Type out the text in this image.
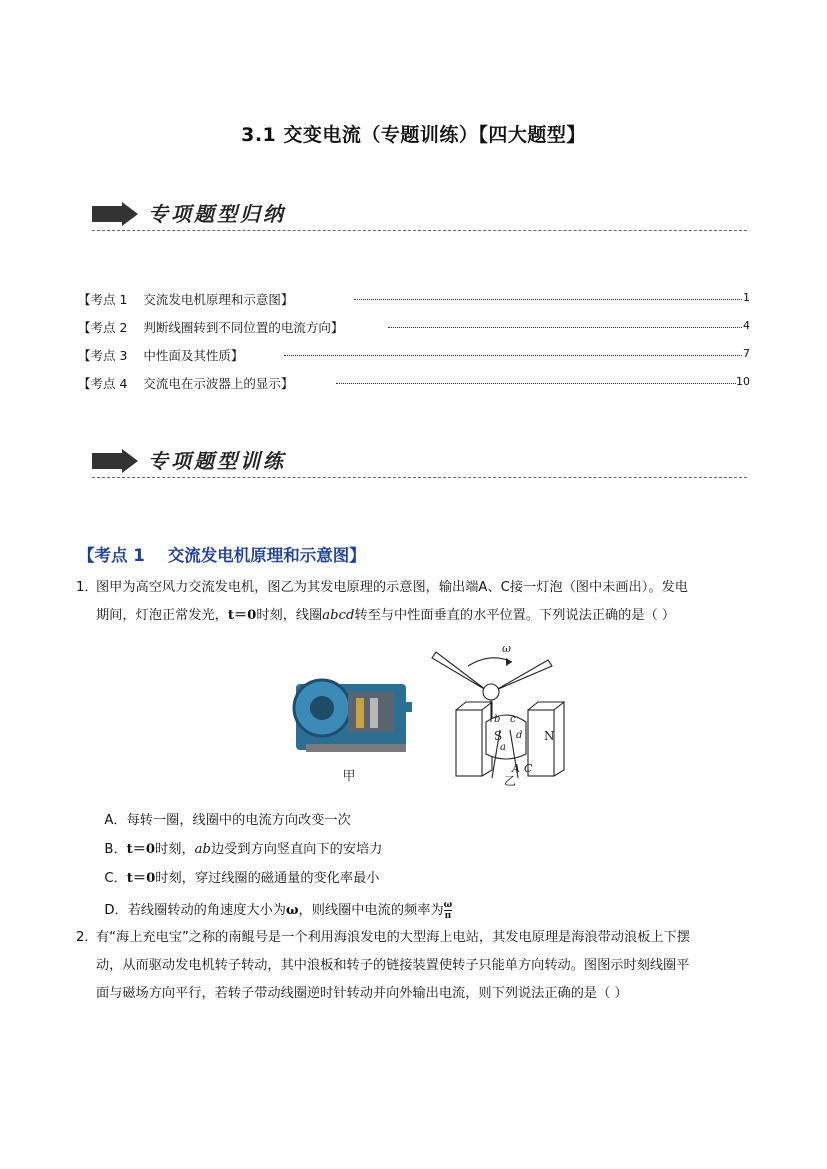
3.1 交变电流（专题训练）【四大题型】
专项题型归纳
【考点 1    交流发电机原理和示意图】	1
【考点 2    判断线圈转到不同位置的电流方向】	4
【考点 3    中性面及其性质】	7
【考点 4    交流电在示波器上的显示】	10
专项题型训练
【考点 1    交流发电机原理和示意图】
1．
图甲为高空风力交流发电机，图乙为其发电原理的示意图，输出端A、C接一灯泡（图中未画出）。发电
期间，灯泡正常发光，t＝0时刻，线圈abcd转至与中性面垂直的水平位置。下列说法正确的是（ ）
甲
S	N
ω
a
b c
d
A C
乙

A．每转一圈，线圈中的电流方向改变一次

B．t＝0时刻，ab边受到方向竖直向下的安培力

C．t＝0时刻，穿过线圈的磁通量的变化率最小

D．若线圈转动的角速度大小为ω，则线圈中电流的频率为 $\frac{\omega}{\pi}$

2．
有“海上充电宝”之称的南鲲号是一个利用海浪发电的大型海上电站，其发电原理是海浪带动浪板上下摆
动，从而驱动发电机转子转动，其中浪板和转子的链接装置使转子只能单方向转动。图图示时刻线圈平
面与磁场方向平行，若转子带动线圈逆时针转动并向外输出电流，则下列说法正确的是（ ）
